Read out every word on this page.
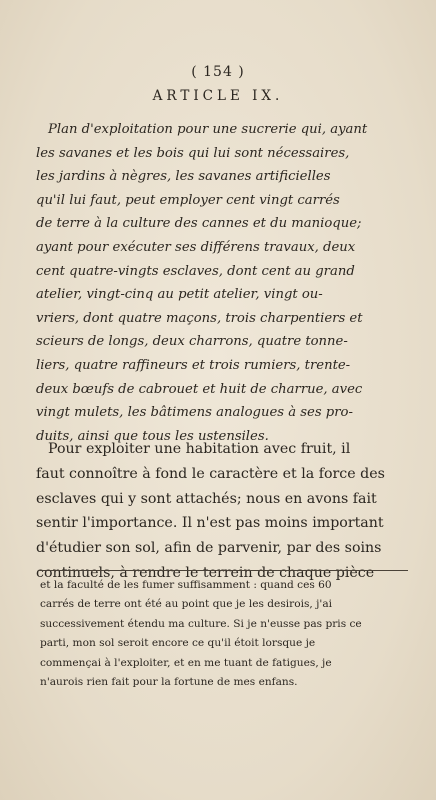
( 154 )
ARTICLE IX.
Plan d'exploitation pour une sucrerie qui, ayant
les savanes et les bois qui lui sont nécessaires,
les jardins à nègres, les savanes artificielles
qu'il lui faut, peut employer cent vingt carrés
de terre à la culture des cannes et du manioque;
ayant pour exécuter ses différens travaux, deux
cent quatre-vingts esclaves, dont cent au grand
atelier, vingt-cinq au petit atelier, vingt ou-
vriers, dont quatre maçons, trois charpentiers et
scieurs de longs, deux charrons, quatre tonne-
liers, quatre raffineurs et trois rumiers, trente-
deux bœufs de cabrouet et huit de charrue, avec
vingt mulets, les bâtimens analogues à ses pro-
duits, ainsi que tous les ustensiles.
Pour exploiter une habitation avec fruit, il
faut connoître à fond le caractère et la force des
esclaves qui y sont attachés; nous en avons fait
sentir l'importance. Il n'est pas moins important
d'étudier son sol, afin de parvenir, par des soins
continuels, à rendre le terrein de chaque pièce
et la faculté de les fumer suffisamment : quand ces 60
carrés de terre ont été au point que je les desirois, j'ai
successivement étendu ma culture. Si je n'eusse pas pris ce
parti, mon sol seroit encore ce qu'il étoit lorsque je
commençai à l'exploiter, et en me tuant de fatigues, je
n'aurois rien fait pour la fortune de mes enfans.
